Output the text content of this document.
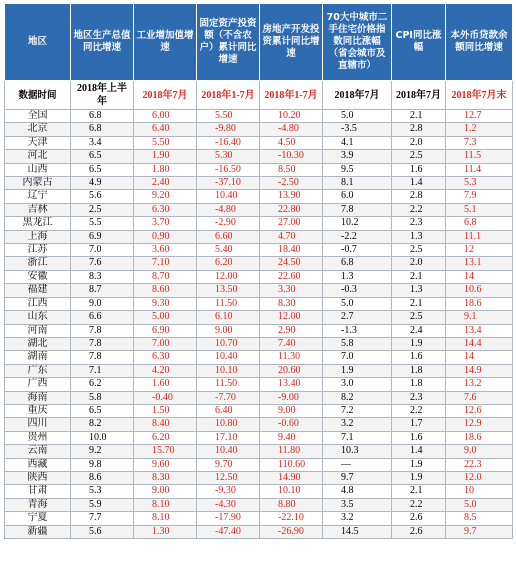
地区	地区生产总值同比增速	工业增加值增速	固定资产投资额（不含农户）累计同比增速	房地产开发投资累计同比增速	70大中城市二手住宅价格指数同比涨幅（省会城市及直辖市）	CPI同比涨幅	本外币贷款余额同比增速
数据时间	2018年上半年	2018年7月	2018年1-7月	2018年1-7月	2018年7月	2018年7月	2018年7月末
全国	6.8	6.00	5.50	10.20	5.0	2.1	12.7
北京	6.8	6.40	-9.80	-4.80	-3.5	2.8	1.2
天津	3.4	5.50	-16.40	4.50	4.1	2.0	7.3
河北	6.5	1.90	5.30	-10.30	3.9	2.5	11.5
山西	6.5	1.80	-16.50	8.50	9.5	1.6	11.4
内蒙古	4.9	2.40	-37.10	-2.50	8.1	1.4	5.3
辽宁	5.6	9.20	10.40	13.90	6.0	2.8	7.9
吉林	2.5	6.30	-4.80	22.80	7.8	2.2	5.1
黑龙江	5.5	3.70	-2.90	27.00	10.2	2.3	6.8
上海	6.9	0.90	6.60	4.70	-2.2	1.3	11.1
江苏	7.0	3.60	5.40	18.40	-0.7	2.5	12
浙江	7.6	7.10	6.20	24.50	6.8	2.0	13.1
安徽	8.3	8.70	12.00	22.60	1.3	2.1	14
福建	8.7	8.60	13.50	3.30	-0.3	1.3	10.6
江西	9.0	9.30	11.50	8.30	5.0	2.1	18.6
山东	6.6	5.00	6.10	12.00	2.7	2.5	9.1
河南	7.8	6.90	9.00	2.90	-1.3	2.4	13.4
湖北	7.8	7.00	10.70	7.40	5.8	1.9	14.4
湖南	7.8	6.30	10.40	11.30	7.0	1.6	14
广东	7.1	4.20	10.10	20.60	1.9	1.8	14.9
广西	6.2	1.60	11.50	13.40	3.0	1.8	13.2
海南	5.8	-0.40	-7.70	-9.00	8.2	2.3	7.6
重庆	6.5	1.50	6.40	9.00	7.2	2.2	12.6
四川	8.2	8.40	10.80	-0.60	3.2	1.7	12.9
贵州	10.0	6.20	17.10	9.40	7.1	1.6	18.6
云南	9.2	15.70	10.40	11.80	10.3	1.4	9.0
西藏	9.8	9.60	9.70	110.60	—	1.9	22.3
陕西	8.6	8.30	12.50	14.90	9.7	1.9	12.0
甘肃	5.3	9.00	-9.30	10.10	4.8	2.1	10
青海	5.9	8.10	-4.30	8.80	3.5	2.2	5.0
宁夏	7.7	8.10	-17.90	-22.10	3.2	2.6	8.5
新疆	5.6	1.30	-47.40	-26.90	14.5	2.6	9.7
